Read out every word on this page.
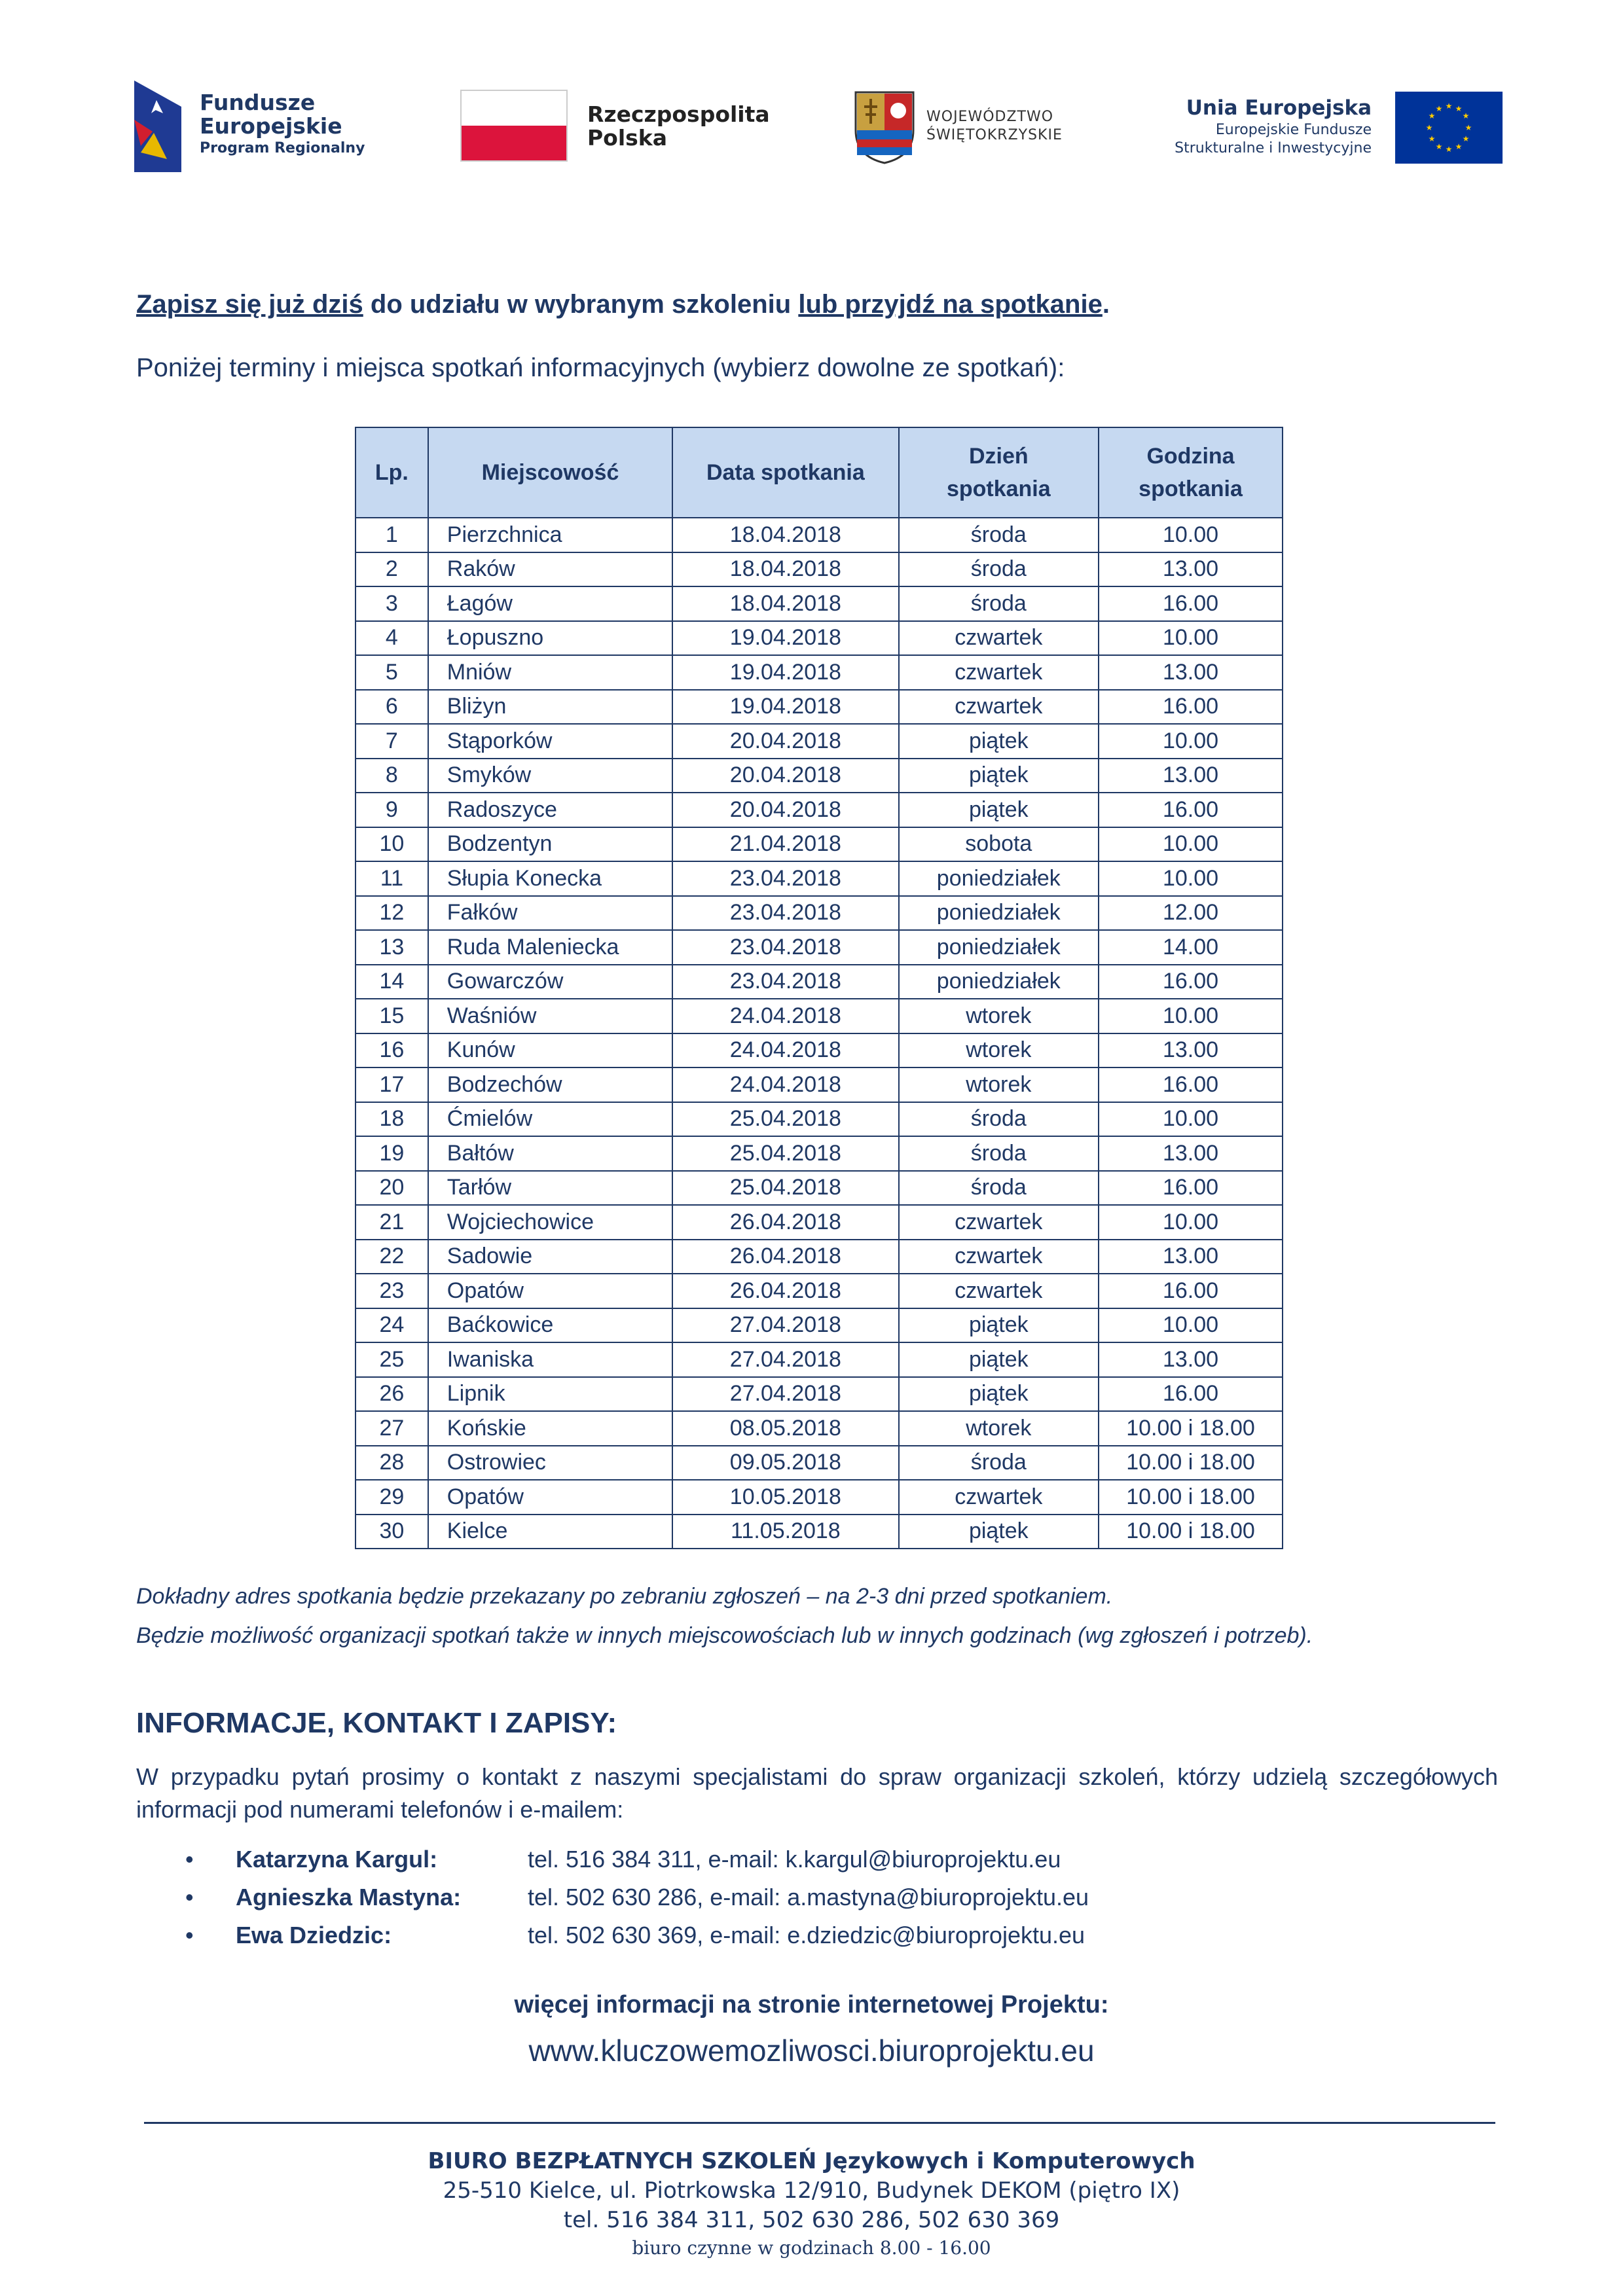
Fundusze
Europejskie
Program Regionalny
Rzeczpospolita
Polska
WOJEWÓDZTWO
ŚWIĘTOKRZYSKIE
Unia Europejska
Europejskie Fundusze
Strukturalne i Inwestycyjne
★ ★
★
★
★
★
★
★
★
★
★
★
Zapisz się już dziś do udziału w wybranym szkoleniu lub przyjdź na spotkanie.
Poniżej terminy i miejsca spotkań informacyjnych (wybierz dowolne ze spotkań):
Lp.	Miejscowość	Data spotkania	Dzień spotkania	Godzina spotkania

1	Pierzchnica	18.04.2018	środa	10.00
2	Raków	18.04.2018	środa	13.00
3	Łagów	18.04.2018	środa	16.00
4	Łopuszno	19.04.2018	czwartek	10.00
5	Mniów	19.04.2018	czwartek	13.00
6	Bliżyn	19.04.2018	czwartek	16.00
7	Stąporków	20.04.2018	piątek	10.00
8	Smyków	20.04.2018	piątek	13.00
9	Radoszyce	20.04.2018	piątek	16.00
10	Bodzentyn	21.04.2018	sobota	10.00
11	Słupia Konecka	23.04.2018	poniedziałek	10.00
12	Fałków	23.04.2018	poniedziałek	12.00
13	Ruda Maleniecka	23.04.2018	poniedziałek	14.00
14	Gowarczów	23.04.2018	poniedziałek	16.00
15	Waśniów	24.04.2018	wtorek	10.00
16	Kunów	24.04.2018	wtorek	13.00
17	Bodzechów	24.04.2018	wtorek	16.00
18	Ćmielów	25.04.2018	środa	10.00
19	Bałtów	25.04.2018	środa	13.00
20	Tarłów	25.04.2018	środa	16.00
21	Wojciechowice	26.04.2018	czwartek	10.00
22	Sadowie	26.04.2018	czwartek	13.00
23	Opatów	26.04.2018	czwartek	16.00
24	Baćkowice	27.04.2018	piątek	10.00
25	Iwaniska	27.04.2018	piątek	13.00
26	Lipnik	27.04.2018	piątek	16.00
27	Końskie	08.05.2018	wtorek	10.00 i 18.00
28	Ostrowiec	09.05.2018	środa	10.00 i 18.00
29	Opatów	10.05.2018	czwartek	10.00 i 18.00
30	Kielce	11.05.2018	piątek	10.00 i 18.00
Dokładny adres spotkania będzie przekazany po zebraniu zgłoszeń – na 2-3 dni przed spotkaniem.
Będzie możliwość organizacji spotkań także w innych miejscowościach lub w innych godzinach (wg zgłoszeń i potrzeb).
INFORMACJE, KONTAKT I ZAPISY:
W przypadku pytań prosimy o kontakt z naszymi specjalistami do spraw organizacji szkoleń, którzy udzielą szczegółowych informacji pod numerami telefonów i e-mailem:
• Katarzyna Kargul:	tel. 516 384 311, e-mail: k.kargul@biuroprojektu.eu
• Agnieszka Mastyna:	tel. 502 630 286, e-mail: a.mastyna@biuroprojektu.eu
• Ewa Dziedzic:	tel. 502 630 369, e-mail: e.dziedzic@biuroprojektu.eu
więcej informacji na stronie internetowej Projektu:
www.kluczowemozliwosci.biuroprojektu.eu
BIURO BEZPŁATNYCH SZKOLEŃ Językowych i Komputerowych
25-510 Kielce, ul. Piotrkowska 12/910, Budynek DEKOM (piętro IX)
tel. 516 384 311, 502 630 286, 502 630 369
biuro czynne w godzinach 8.00 - 16.00
